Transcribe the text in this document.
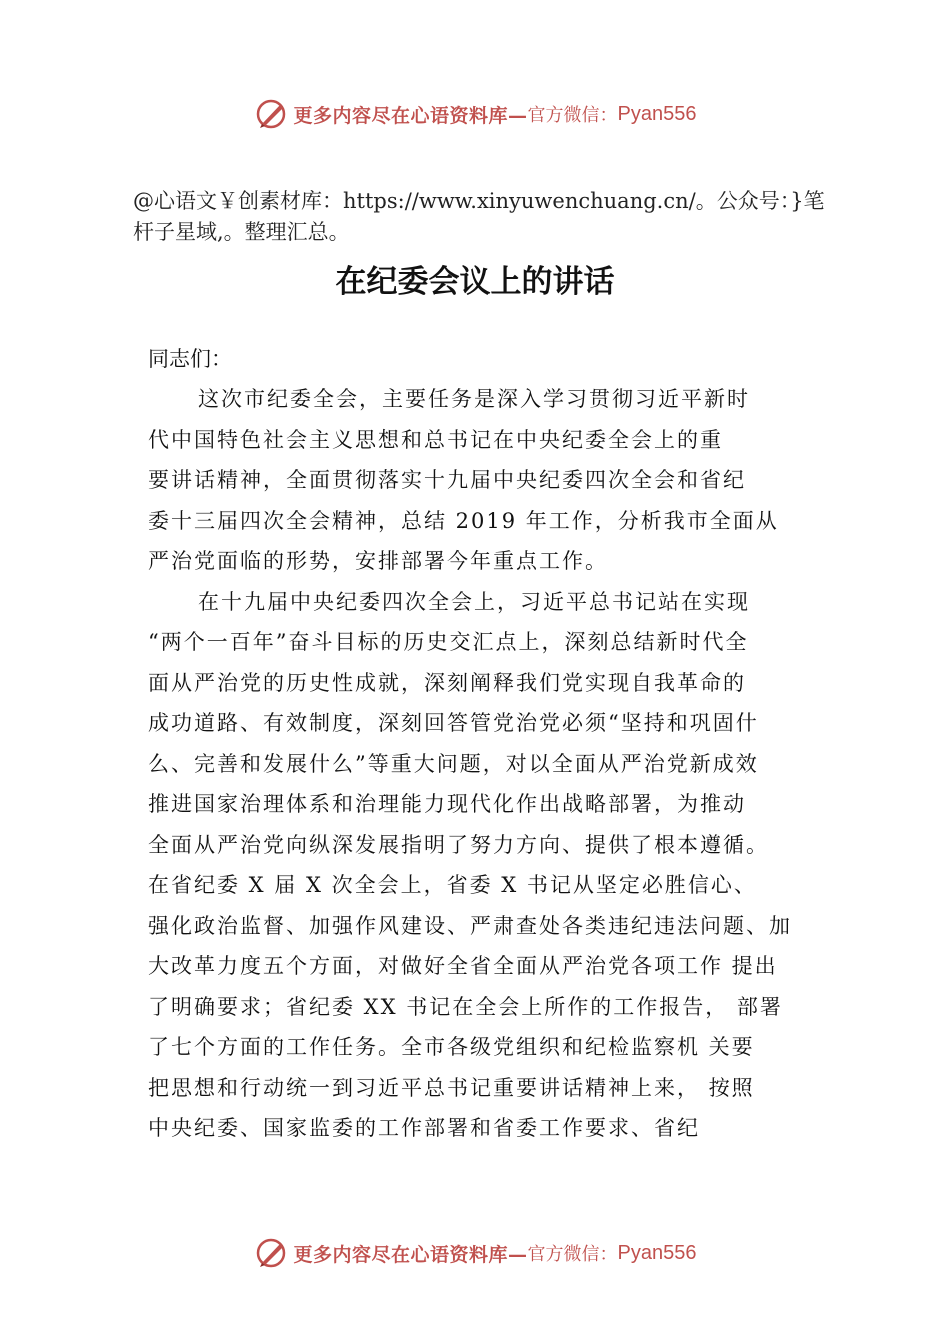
更多内容尽在心语资料库— 官方微信： Pyan556
@心语文￥创素材库：https://www.xinyuwenchuang.cn/。公众号：}笔杆子星域,。整理汇总。
在纪委会议上的讲话
同志们：
这次市纪委全会，主要任务是深入学习贯彻习近平新时
代中国特色社会主义思想和总书记在中央纪委全会上的重
要讲话精神，全面贯彻落实十九届中央纪委四次全会和省纪
委十三届四次全会精神，总结 2019 年工作，分析我市全面从
严治党面临的形势，安排部署今年重点工作。
在十九届中央纪委四次全会上，习近平总书记站在实现
“两个一百年”奋斗目标的历史交汇点上，深刻总结新时代全
面从严治党的历史性成就，深刻阐释我们党实现自我革命的
成功道路、有效制度，深刻回答管党治党必须“坚持和巩固什
么、完善和发展什么”等重大问题，对以全面从严治党新成效
推进国家治理体系和治理能力现代化作出战略部署，为推动
全面从严治党向纵深发展指明了努力方向、提供了根本遵循。
在省纪委 X 届 X 次全会上，省委 X 书记从坚定必胜信心、
强化政治监督、加强作风建设、严肃查处各类违纪违法问题、加
大改革力度五个方面，对做好全省全面从严治党各项工作 提出
了明确要求；省纪委 XX 书记在全会上所作的工作报告， 部署
了七个方面的工作任务。全市各级党组织和纪检监察机 关要
把思想和行动统一到习近平总书记重要讲话精神上来， 按照
中央纪委、国家监委的工作部署和省委工作要求、省纪
更多内容尽在心语资料库— 官方微信： Pyan556
